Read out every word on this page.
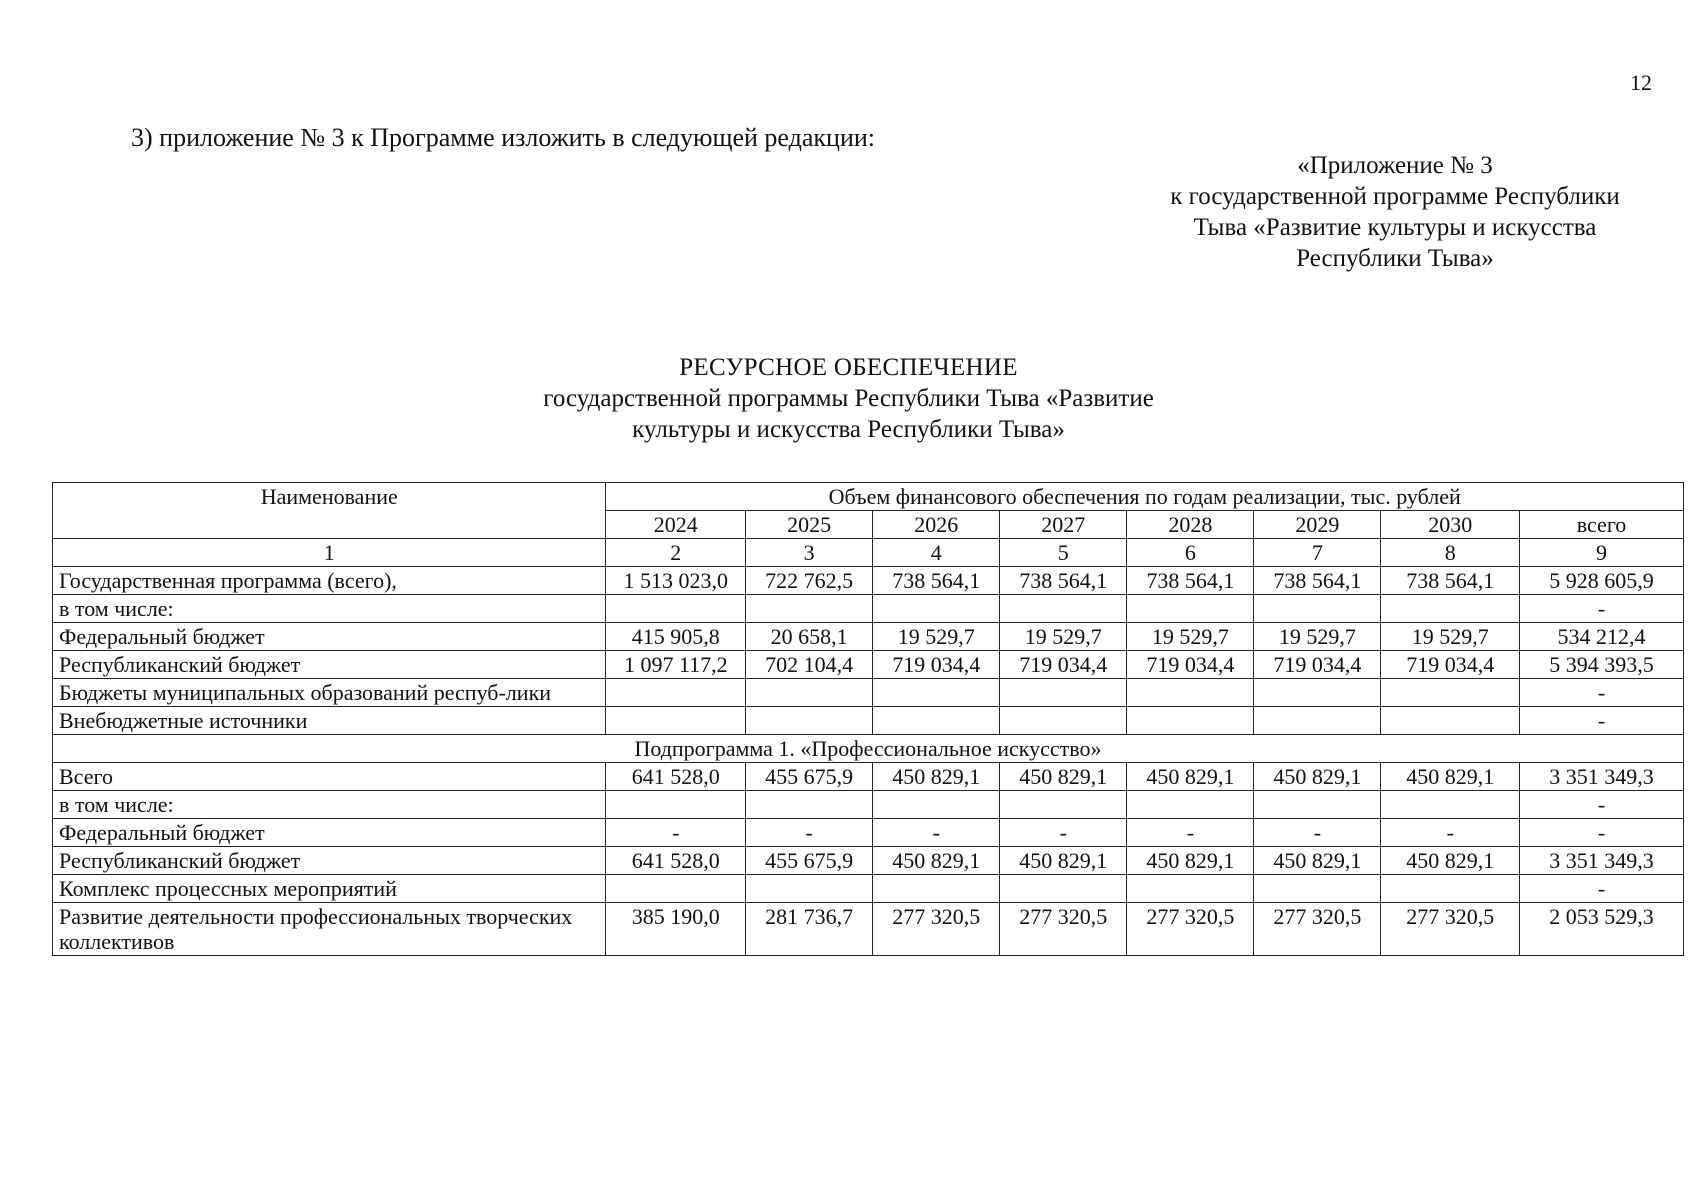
12
3) приложение № 3 к Программе изложить в следующей редакции:
«Приложение № 3
к государственной программе Республики
Тыва «Развитие культуры и искусства
Республики Тыва»
РЕСУРСНОЕ ОБЕСПЕЧЕНИЕ
государственной программы Республики Тыва «Развитие
культуры и искусства Республики Тыва»
Наименование	Объем финансового обеспечения по годам реализации, тыс. рублей							
	2024	2025	2026	2027	2028	2029	2030	всего
1	2	3	4	5	6	7	8	9
Государственная программа (всего),	1 513 023,0	722 762,5	738 564,1	738 564,1	738 564,1	738 564,1	738 564,1	5 928 605,9
в том числе:								-
Федеральный бюджет	415 905,8	20 658,1	19 529,7	19 529,7	19 529,7	19 529,7	19 529,7	534 212,4
Республиканский бюджет	1 097 117,2	702 104,4	719 034,4	719 034,4	719 034,4	719 034,4	719 034,4	5 394 393,5
Бюджеты муниципальных образований респуб-лики								-
Внебюджетные источники								-
Подпрограмма 1. «Профессиональное искусство»								
Всего	641 528,0	455 675,9	450 829,1	450 829,1	450 829,1	450 829,1	450 829,1	3 351 349,3
в том числе:								-
Федеральный бюджет	-	-	-	-	-	-	-	-
Республиканский бюджет	641 528,0	455 675,9	450 829,1	450 829,1	450 829,1	450 829,1	450 829,1	3 351 349,3
Комплекс процессных мероприятий								-
Развитие деятельности профессиональных творческих коллективов	385 190,0	281 736,7	277 320,5	277 320,5	277 320,5	277 320,5	277 320,5	2 053 529,3
